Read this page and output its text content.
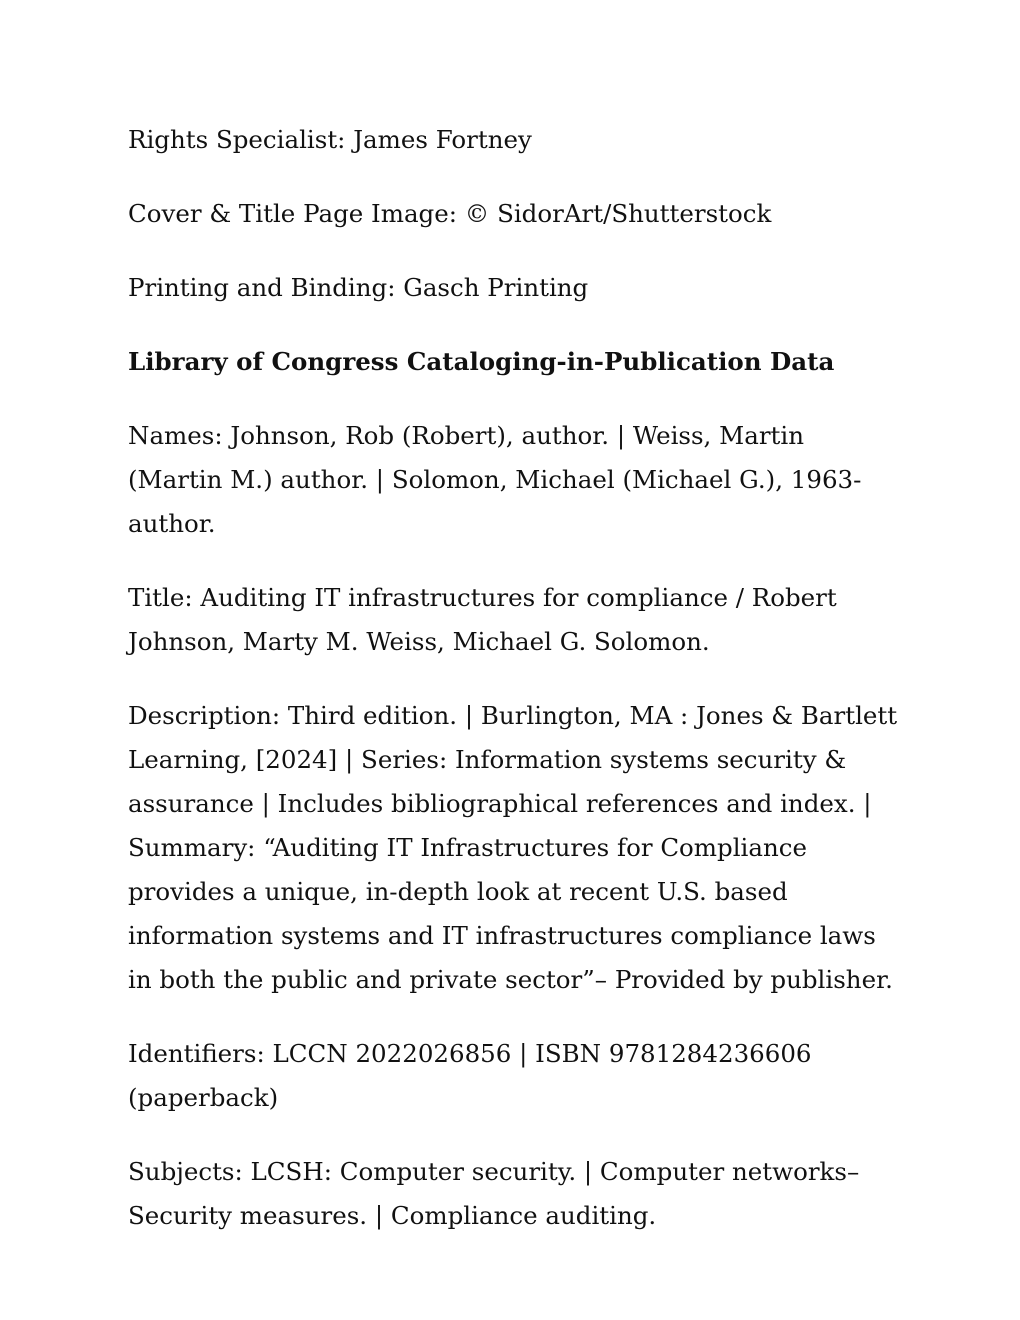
Rights Specialist: James Fortney

Cover & Title Page Image: © SidorArt/Shutterstock

Printing and Binding: Gasch Printing

Library of Congress Cataloging-in-Publication Data

Names: Johnson, Rob (Robert), author. | Weiss, Martin (Martin M.) author. | Solomon, Michael (Michael G.), 1963- author.

Title: Auditing IT infrastructures for compliance / Robert Johnson, Marty M. Weiss, Michael G. Solomon.

Description: Third edition. | Burlington, MA : Jones & Bartlett Learning, [2024] | Series: Information systems security & assurance | Includes bibliographical references and index. | Summary: “Auditing IT Infrastructures for Compliance provides a unique, in-depth look at recent U.S. based information systems and IT infrastructures compliance laws in both the public and private sector”– Provided by publisher.

Identifiers: LCCN 2022026856 | ISBN 9781284236606 (paperback)

Subjects: LCSH: Computer security. | Computer networks–Security measures. | Compliance auditing.
